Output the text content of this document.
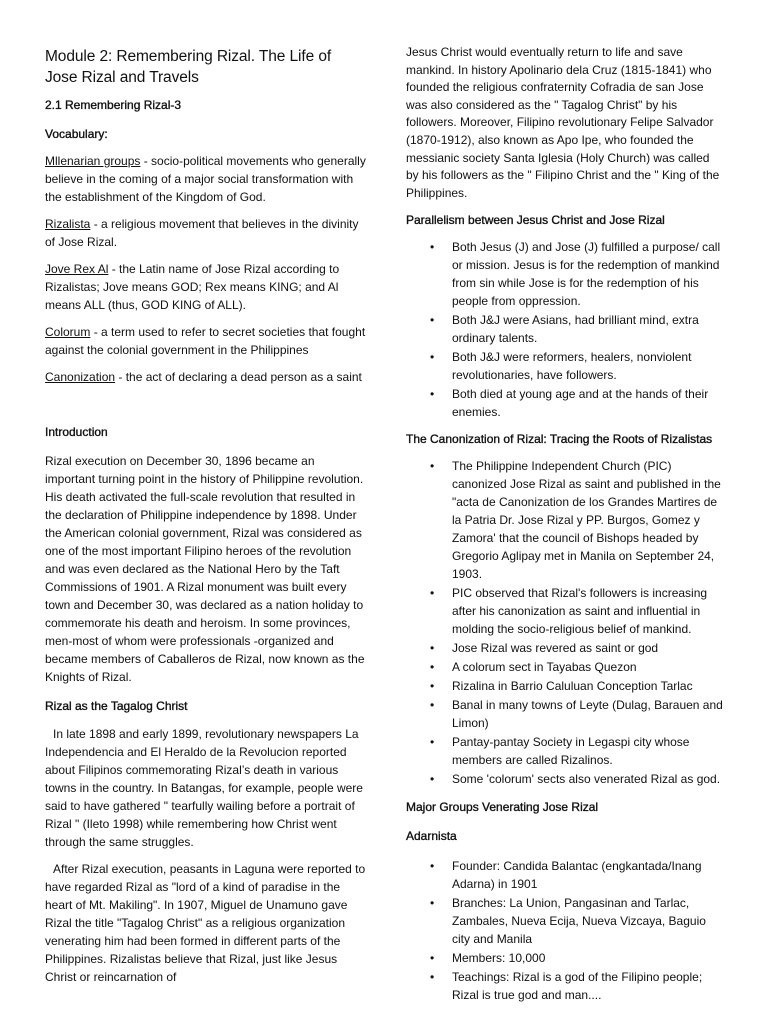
Module 2: Remembering Rizal. The Life of Jose Rizal and Travels
2.1 Remembering Rizal-3
Vocabulary:

Mllenarian groups - socio-political movements who generally believe in the coming of a major social transformation with the establishment of the Kingdom of God.

Rizalista - a religious movement that believes in the divinity of Jose Rizal.

Jove Rex Al - the Latin name of Jose Rizal according to Rizalistas; Jove means GOD; Rex means KING; and Al means ALL (thus, GOD KING of ALL).

Colorum - a term used to refer to secret societies that fought against the colonial government in the Philippines

Canonization - the act of declaring a dead person as a saint

Introduction

Rizal execution on December 30, 1896 became an important turning point in the history of Philippine revolution. His death activated the full-scale revolution that resulted in the declaration of Philippine independence by 1898. Under the American colonial government, Rizal was considered as one of the most important Filipino heroes of the revolution and was even declared as the National Hero by the Taft Commissions of 1901. A Rizal monument was built every town and December 30, was declared as a nation holiday to commemorate his death and heroism. In some provinces, men-most of whom were professionals -organized and became members of Caballeros de Rizal, now known as the Knights of Rizal.

Rizal as the Tagalog Christ

In late 1898 and early 1899, revolutionary newspapers La Independencia and El Heraldo de la Revolucion reported about Filipinos commemorating Rizal’s death in various towns in the country. In Batangas, for example, people were said to have gathered " tearfully wailing before a portrait of Rizal " (Ileto 1998) while remembering how Christ went through the same struggles.

After Rizal execution, peasants in Laguna were reported to have regarded Rizal as "lord of a kind of paradise in the heart of Mt. Makiling". In 1907, Miguel de Unamuno gave Rizal the title "Tagalog Christ" as a religious organization venerating him had been formed in different parts of the Philippines. Rizalistas believe that Rizal, just like Jesus Christ or reincarnation of

Jesus Christ would eventually return to life and save mankind. In history Apolinario dela Cruz (1815-1841) who founded the religious confraternity Cofradia de san Jose was also considered as the " Tagalog Christ" by his followers. Moreover, Filipino revolutionary Felipe Salvador (1870-1912), also known as Apo Ipe, who founded the messianic society Santa Iglesia (Holy Church) was called by his followers as the " Filipino Christ and the " King of the Philippines.

Parallelism between Jesus Christ and Jose Rizal
• Both Jesus (J) and Jose (J) fulfilled a purpose/ call or mission. Jesus is for the redemption of mankind from sin while Jose is for the redemption of his people from oppression.
• Both J&J were Asians, had brilliant mind, extra ordinary talents.
• Both J&J were reformers, healers, nonviolent revolutionaries, have followers.
• Both died at young age and at the hands of their enemies.
The Canonization of Rizal: Tracing the Roots of Rizalistas
• The Philippine Independent Church (PIC) canonized Jose Rizal as saint and published in the "acta de Canonization de los Grandes Martires de la Patria Dr. Jose Rizal y PP. Burgos, Gomez y Zamora' that the council of Bishops headed by Gregorio Aglipay met in Manila on September 24, 1903.
• PIC observed that Rizal's followers is increasing after his canonization as saint and influential in molding the socio-religious belief of mankind.
• Jose Rizal was revered as saint or god
• A colorum sect in Tayabas Quezon
• Rizalina in Barrio Caluluan Conception Tarlac
• Banal in many towns of Leyte (Dulag, Barauen and Limon)
• Pantay-pantay Society in Legaspi city whose members are called Rizalinos.
• Some 'colorum' sects also venerated Rizal as god.
Major Groups Venerating Jose Rizal
Adarnista
• Founder: Candida Balantac (engkantada/Inang Adarna) in 1901
• Branches: La Union, Pangasinan and Tarlac, Zambales, Nueva Ecija, Nueva Vizcaya, Baguio city and Manila
• Members: 10,000
• Teachings: Rizal is a god of the Filipino people; Rizal is true god and man....
